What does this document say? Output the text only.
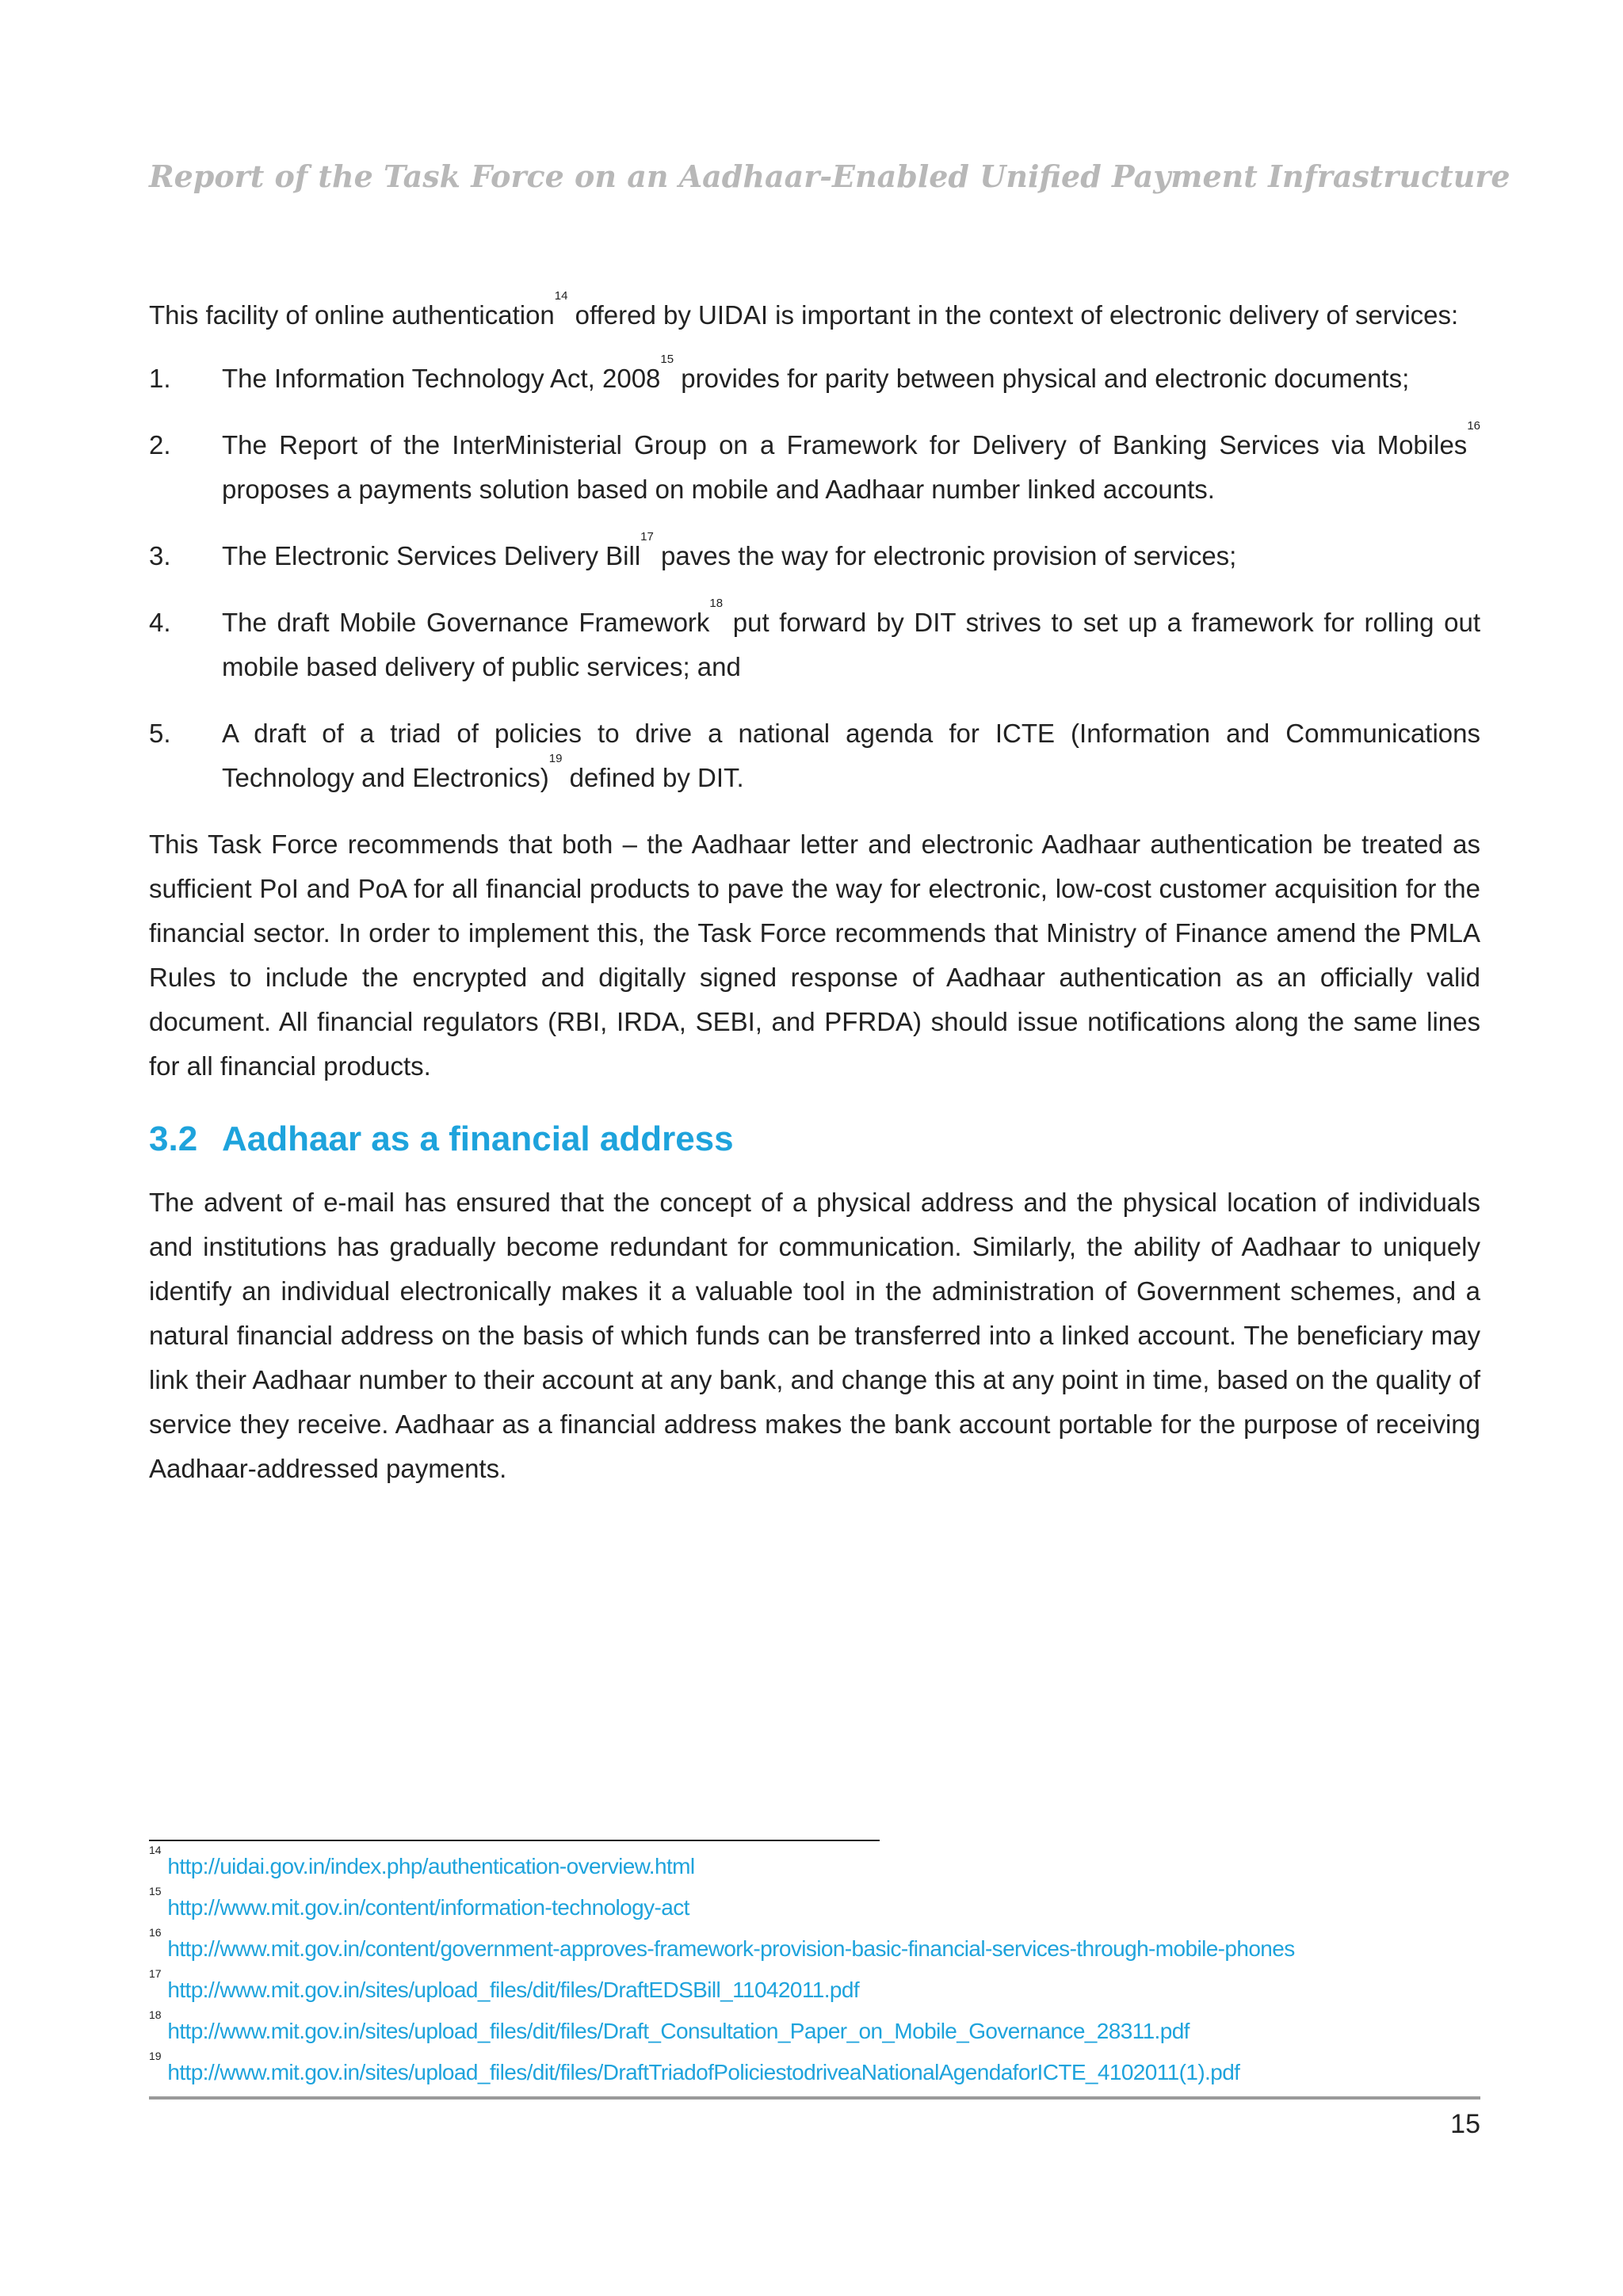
Report of the Task Force on an Aadhaar-Enabled Unified Payment Infrastructure

This facility of online authentication$^{14}$ offered by UIDAI is important in the context of electronic delivery of services:

1. The Information Technology Act, 2008$^{15}$ provides for parity between physical and electronic documents;
2. The Report of the InterMinisterial Group on a Framework for Delivery of Banking Services via Mobiles$^{16}$ proposes a payments solution based on mobile and Aadhaar number linked accounts.
3. The Electronic Services Delivery Bill$^{17}$ paves the way for electronic provision of services;
4. The draft Mobile Governance Framework$^{18}$ put forward by DIT strives to set up a framework for rolling out mobile based delivery of public services; and
5. A draft of a triad of policies to drive a national agenda for ICTE (Information and Communications Technology and Electronics)$^{19}$ defined by DIT.

This Task Force recommends that both – the Aadhaar letter and electronic Aadhaar authentication be treated as sufficient PoI and PoA for all financial products to pave the way for electronic, low-cost customer acquisition for the financial sector. In order to implement this, the Task Force recommends that Ministry of Finance amend the PMLA Rules to include the encrypted and digitally signed response of Aadhaar authentication as an officially valid document. All financial regulators (RBI, IRDA, SEBI, and PFRDA) should issue notifications along the same lines for all financial products.

3.2 Aadhaar as a financial address

The advent of e-mail has ensured that the concept of a physical address and the physical location of individuals and institutions has gradually become redundant for communication. Similarly, the ability of Aadhaar to uniquely identify an individual electronically makes it a valuable tool in the administration of Government schemes, and a natural financial address on the basis of which funds can be transferred into a linked account. The beneficiary may link their Aadhaar number to their account at any bank, and change this at any point in time, based on the quality of service they receive. Aadhaar as a financial address makes the bank account portable for the purpose of receiving Aadhaar-addressed payments.

$^{14}$ http://uidai.gov.in/index.php/authentication-overview.html
$^{15}$ http://www.mit.gov.in/content/information-technology-act
$^{16}$ http://www.mit.gov.in/content/government-approves-framework-provision-basic-financial-services-through-mobile-phones
$^{17}$ http://www.mit.gov.in/sites/upload_files/dit/files/DraftEDSBill_11042011.pdf
$^{18}$ http://www.mit.gov.in/sites/upload_files/dit/files/Draft_Consultation_Paper_on_Mobile_Governance_28311.pdf
$^{19}$ http://www.mit.gov.in/sites/upload_files/dit/files/DraftTriadofPoliciestodriveaNationalAgendaforICTE_4102011(1).pdf
15
